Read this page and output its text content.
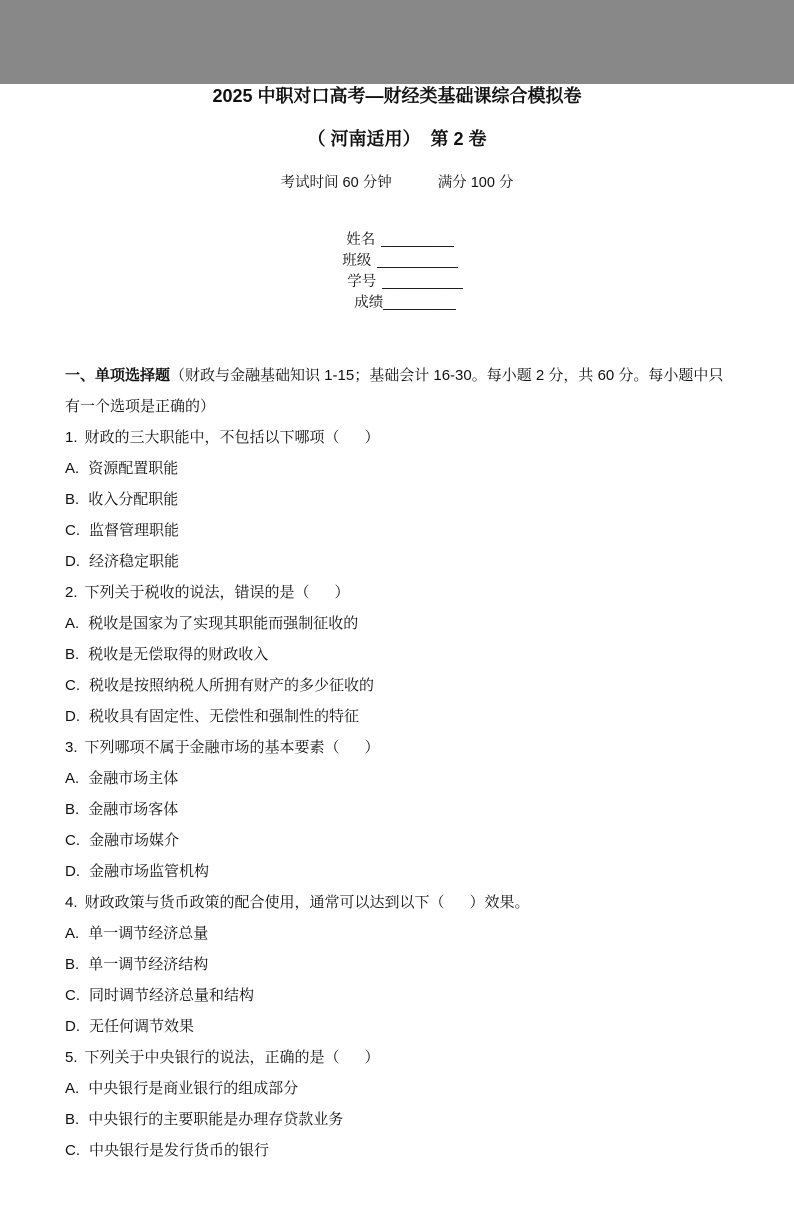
2025 中职对口高考—财经类基础课综合模拟卷
（ 河南适用）  第 2 卷
考试时间 60 分钟	满分 100 分

姓名 _________
班级 __________
学号 __________
成绩_________

一、单项选择题（财政与金融基础知识 1-15；基础会计 16-30。每小题 2 分，共 60 分。每小题中只有一个选项是正确的）

1. 财政的三大职能中，不包括以下哪项（      ）

A. 资源配置职能

B. 收入分配职能

C. 监督管理职能

D. 经济稳定职能

2. 下列关于税收的说法，错误的是（      ）

A. 税收是国家为了实现其职能而强制征收的

B. 税收是无偿取得的财政收入

C. 税收是按照纳税人所拥有财产的多少征收的

D. 税收具有固定性、无偿性和强制性的特征

3. 下列哪项不属于金融市场的基本要素（      ）

A. 金融市场主体

B. 金融市场客体

C. 金融市场媒介

D. 金融市场监管机构

4. 财政政策与货币政策的配合使用，通常可以达到以下（      ）效果。

A. 单一调节经济总量

B. 单一调节经济结构

C. 同时调节经济总量和结构

D. 无任何调节效果

5. 下列关于中央银行的说法，正确的是（      ）

A. 中央银行是商业银行的组成部分

B. 中央银行的主要职能是办理存贷款业务

C. 中央银行是发行货币的银行
